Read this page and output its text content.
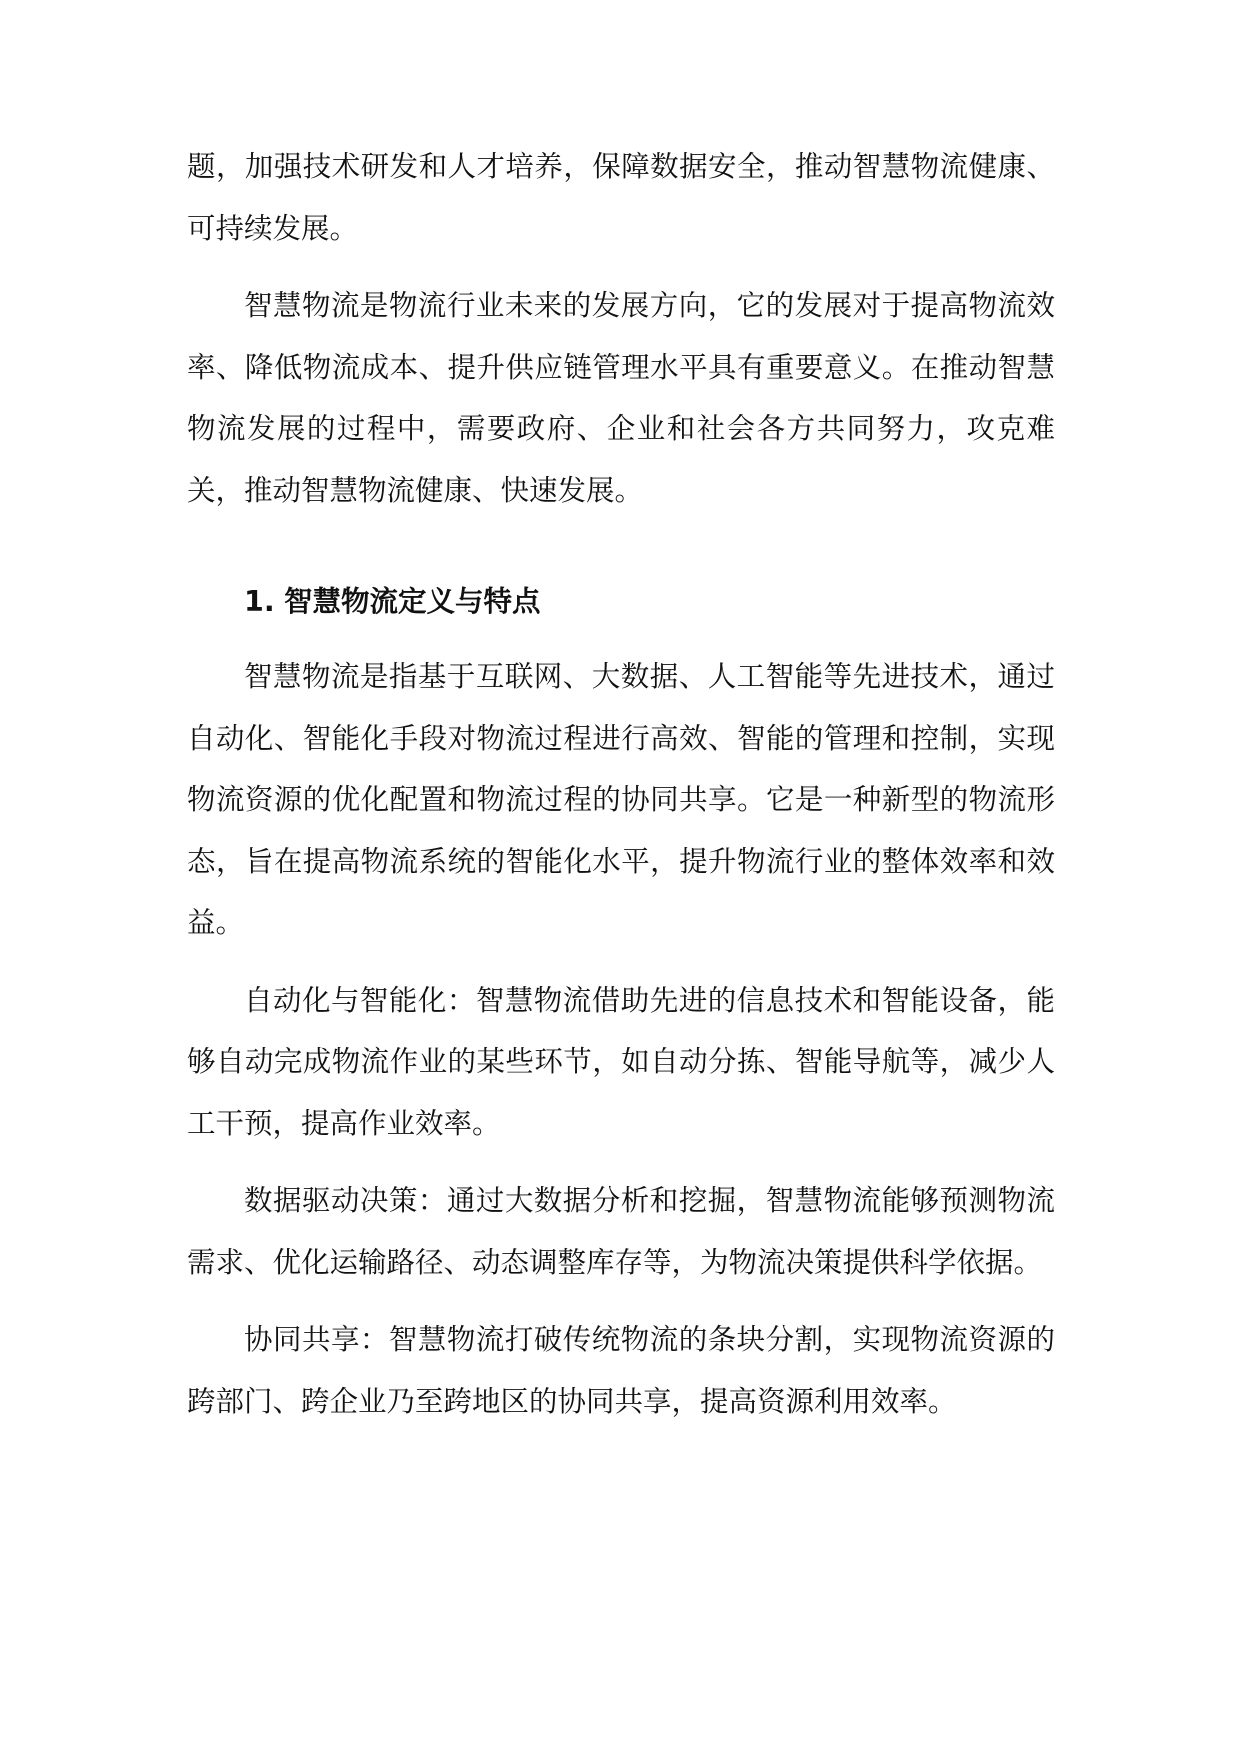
题，加强技术研发和人才培养，保障数据安全，推动智慧物流健康、可持续发展。

智慧物流是物流行业未来的发展方向，它的发展对于提高物流效率、降低物流成本、提升供应链管理水平具有重要意义。在推动智慧物流发展的过程中，需要政府、企业和社会各方共同努力，攻克难关，推动智慧物流健康、快速发展。

1. 智慧物流定义与特点

智慧物流是指基于互联网、大数据、人工智能等先进技术，通过自动化、智能化手段对物流过程进行高效、智能的管理和控制，实现物流资源的优化配置和物流过程的协同共享。它是一种新型的物流形态，旨在提高物流系统的智能化水平，提升物流行业的整体效率和效益。

自动化与智能化：智慧物流借助先进的信息技术和智能设备，能够自动完成物流作业的某些环节，如自动分拣、智能导航等，减少人工干预，提高作业效率。

数据驱动决策：通过大数据分析和挖掘，智慧物流能够预测物流需求、优化运输路径、动态调整库存等，为物流决策提供科学依据。

协同共享：智慧物流打破传统物流的条块分割，实现物流资源的跨部门、跨企业乃至跨地区的协同共享，提高资源利用效率。
